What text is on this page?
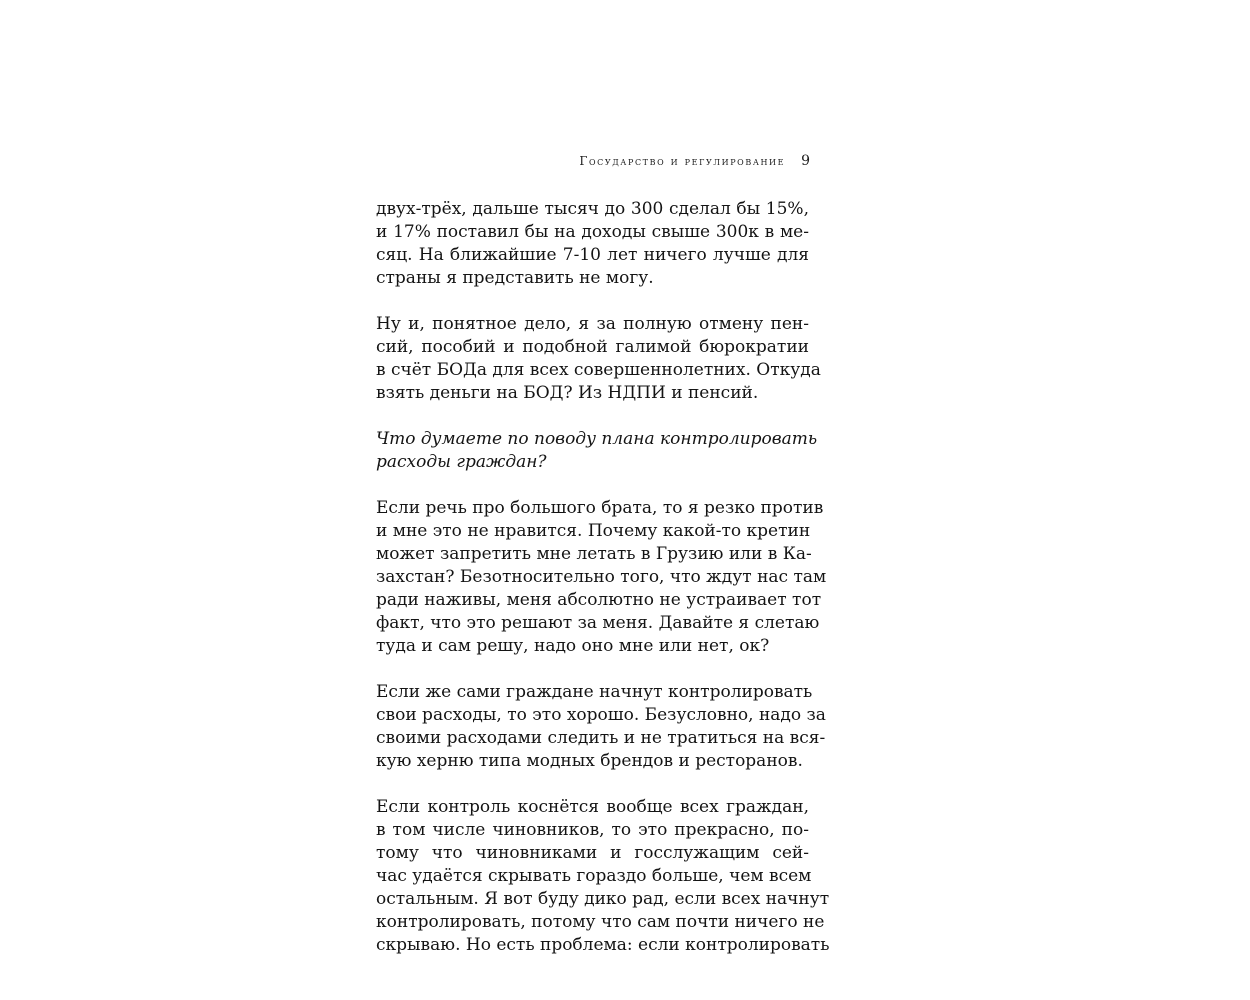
Государство и регулирование 9

двух-трёх, дальше тысяч до 300 сделал бы 15%,
и 17% поставил бы на доходы свыше 300к в ме-
сяц. На ближайшие 7-10 лет ничего лучше для
страны я представить не могу.

Ну и, понятное дело, я за полную отмену пен-
сий, пособий и подобной галимой бюрократии
в счёт БОДа для всех совершеннолетних. Откуда
взять деньги на БОД? Из НДПИ и пенсий.

Что думаете по поводу плана контролировать
расходы граждан?

Если речь про большого брата, то я резко против
и мне это не нравится. Почему какой-то кретин
может запретить мне летать в Грузию или в Ка-
захстан? Безотносительно того, что ждут нас там
ради наживы, меня абсолютно не устраивает тот
факт, что это решают за меня. Давайте я слетаю
туда и сам решу, надо оно мне или нет, ок?

Если же сами граждане начнут контролировать
свои расходы, то это хорошо. Безусловно, надо за
своими расходами следить и не тратиться на вся-
кую херню типа модных брендов и ресторанов.

Если контроль коснётся вообще всех граждан,
в том числе чиновников, то это прекрасно, по-
тому что чиновниками и госслужащим сей-
час удаётся скрывать гораздо больше, чем всем
остальным. Я вот буду дико рад, если всех начнут
контролировать, потому что сам почти ничего не
скрываю. Но есть проблема: если контролировать
